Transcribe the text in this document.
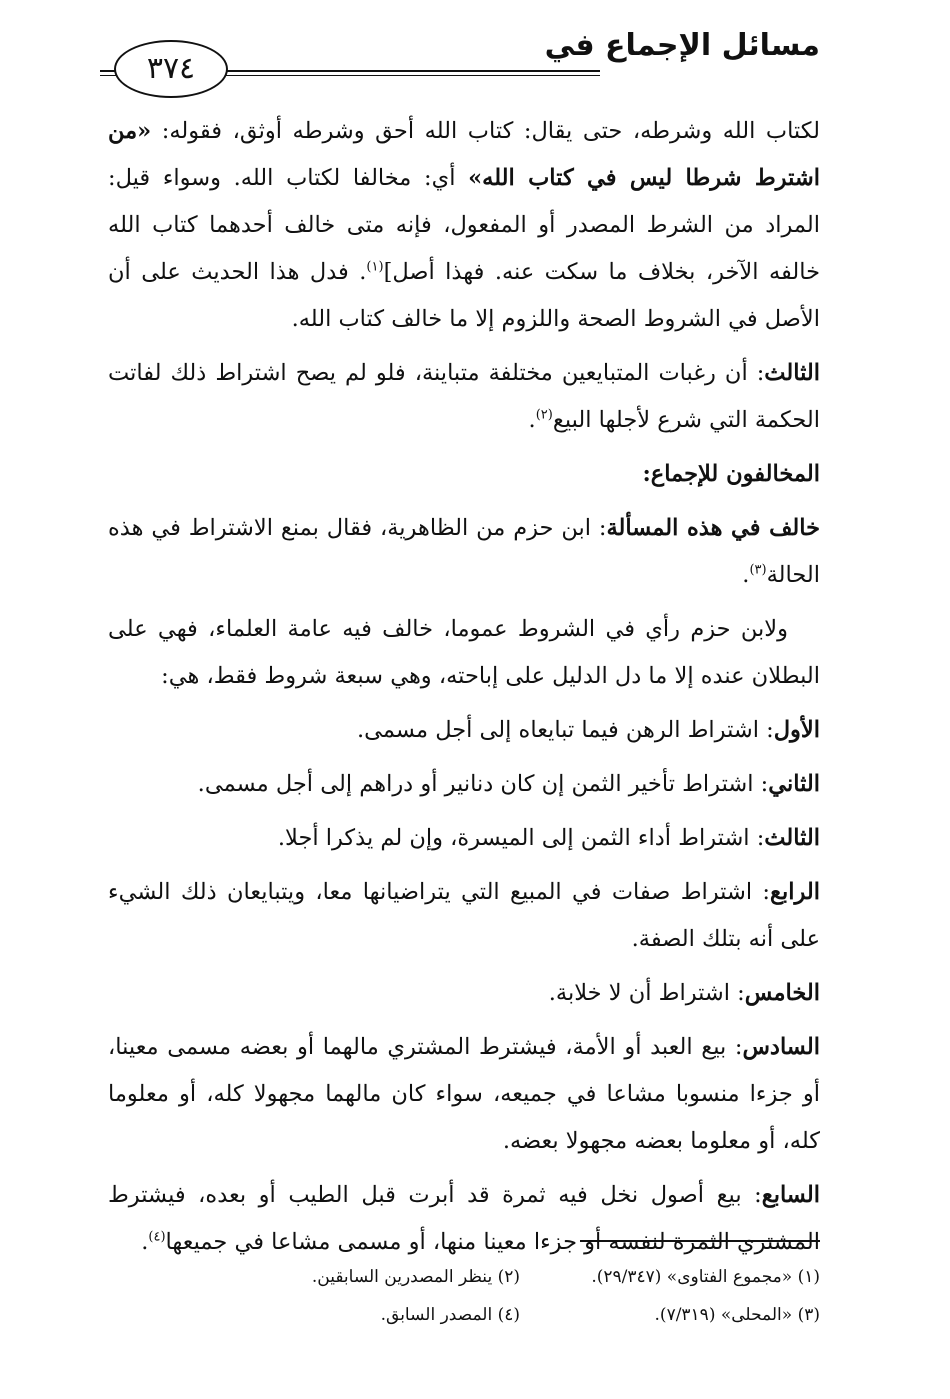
مسائل الإجماع في
٣٧٤

لكتاب الله وشرطه، حتى يقال: كتاب الله أحق وشرطه أوثق، فقوله: «من اشترط شرطا ليس في كتاب الله» أي: مخالفا لكتاب الله. وسواء قيل: المراد من الشرط المصدر أو المفعول، فإنه متى خالف أحدهما كتاب الله خالفه الآخر، بخلاف ما سكت عنه. فهذا أصل]$^{(١)}$. فدل هذا الحديث على أن الأصل في الشروط الصحة واللزوم إلا ما خالف كتاب الله.

الثالث: أن رغبات المتبايعين مختلفة متباينة، فلو لم يصح اشتراط ذلك لفاتت الحكمة التي شرع لأجلها البيع$^{(٢)}$.

المخالفون للإجماع:

خالف في هذه المسألة: ابن حزم من الظاهرية، فقال بمنع الاشتراط في هذه الحالة$^{(٣)}$.

ولابن حزم رأي في الشروط عموما، خالف فيه عامة العلماء، فهي على البطلان عنده إلا ما دل الدليل على إباحته، وهي سبعة شروط فقط، هي:

الأول: اشتراط الرهن فيما تبايعاه إلى أجل مسمى.

الثاني: اشتراط تأخير الثمن إن كان دنانير أو دراهم إلى أجل مسمى.

الثالث: اشتراط أداء الثمن إلى الميسرة، وإن لم يذكرا أجلا.

الرابع: اشتراط صفات في المبيع التي يتراضيانها معا، ويتبايعان ذلك الشيء على أنه بتلك الصفة.

الخامس: اشتراط أن لا خلابة.

السادس: بيع العبد أو الأمة، فيشترط المشتري مالهما أو بعضه مسمى معينا، أو جزءا منسوبا مشاعا في جميعه، سواء كان مالهما مجهولا كله، أو معلوما كله، أو معلوما بعضه مجهولا بعضه.

السابع: بيع أصول نخل فيه ثمرة قد أبرت قبل الطيب أو بعده، فيشترط المشتري الثمرة لنفسه أو جزءا معينا منها، أو مسمى مشاعا في جميعها$^{(٤)}$.

(١) «مجموع الفتاوى» (٢٩/٣٤٧).
(٢) ينظر المصدرين السابقين.
(٣) «المحلى» (٧/٣١٩).
(٤) المصدر السابق.
